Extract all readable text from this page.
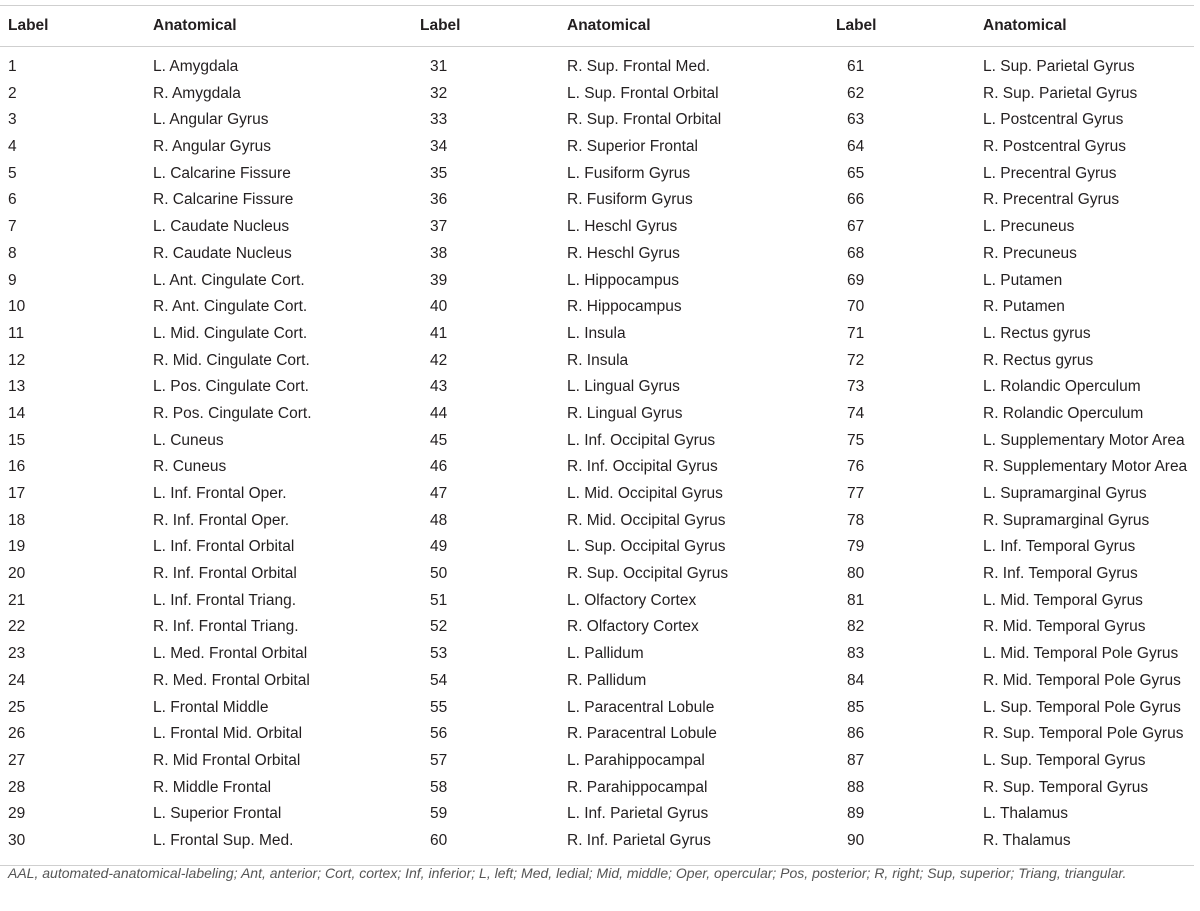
Label	Anatomical	Label	Anatomical	Label	Anatomical
1	L. Amygdala	31	R. Sup. Frontal Med.	61	L. Sup. Parietal Gyrus
2	R. Amygdala	32	L. Sup. Frontal Orbital	62	R. Sup. Parietal Gyrus
3	L. Angular Gyrus	33	R. Sup. Frontal Orbital	63	L. Postcentral Gyrus
4	R. Angular Gyrus	34	R. Superior Frontal	64	R. Postcentral Gyrus
5	L. Calcarine Fissure	35	L. Fusiform Gyrus	65	L. Precentral Gyrus
6	R. Calcarine Fissure	36	R. Fusiform Gyrus	66	R. Precentral Gyrus
7	L. Caudate Nucleus	37	L. Heschl Gyrus	67	L. Precuneus
8	R. Caudate Nucleus	38	R. Heschl Gyrus	68	R. Precuneus
9	L. Ant. Cingulate Cort.	39	L. Hippocampus	69	L. Putamen
10	R. Ant. Cingulate Cort.	40	R. Hippocampus	70	R. Putamen
11	L. Mid. Cingulate Cort.	41	L. Insula	71	L. Rectus gyrus
12	R. Mid. Cingulate Cort.	42	R. Insula	72	R. Rectus gyrus
13	L. Pos. Cingulate Cort.	43	L. Lingual Gyrus	73	L. Rolandic Operculum
14	R. Pos. Cingulate Cort.	44	R. Lingual Gyrus	74	R. Rolandic Operculum
15	L. Cuneus	45	L. Inf. Occipital Gyrus	75	L. Supplementary Motor Area
16	R. Cuneus	46	R. Inf. Occipital Gyrus	76	R. Supplementary Motor Area
17	L. Inf. Frontal Oper.	47	L. Mid. Occipital Gyrus	77	L. Supramarginal Gyrus
18	R. Inf. Frontal Oper.	48	R. Mid. Occipital Gyrus	78	R. Supramarginal Gyrus
19	L. Inf. Frontal Orbital	49	L. Sup. Occipital Gyrus	79	L. Inf. Temporal Gyrus
20	R. Inf. Frontal Orbital	50	R. Sup. Occipital Gyrus	80	R. Inf. Temporal Gyrus
21	L. Inf. Frontal Triang.	51	L. Olfactory Cortex	81	L. Mid. Temporal Gyrus
22	R. Inf. Frontal Triang.	52	R. Olfactory Cortex	82	R. Mid. Temporal Gyrus
23	L. Med. Frontal Orbital	53	L. Pallidum	83	L. Mid. Temporal Pole Gyrus
24	R. Med. Frontal Orbital	54	R. Pallidum	84	R. Mid. Temporal Pole Gyrus
25	L. Frontal Middle	55	L. Paracentral Lobule	85	L. Sup. Temporal Pole Gyrus
26	L. Frontal Mid. Orbital	56	R. Paracentral Lobule	86	R. Sup. Temporal Pole Gyrus
27	R. Mid Frontal Orbital	57	L. Parahippocampal	87	L. Sup. Temporal Gyrus
28	R. Middle Frontal	58	R. Parahippocampal	88	R. Sup. Temporal Gyrus
29	L. Superior Frontal	59	L. Inf. Parietal Gyrus	89	L. Thalamus
30	L. Frontal Sup. Med.	60	R. Inf. Parietal Gyrus	90	R. Thalamus
AAL, automated-anatomical-labeling; Ant, anterior; Cort, cortex; Inf, inferior; L, left; Med, ledial; Mid, middle; Oper, opercular; Pos, posterior; R, right; Sup, superior; Triang, triangular.
